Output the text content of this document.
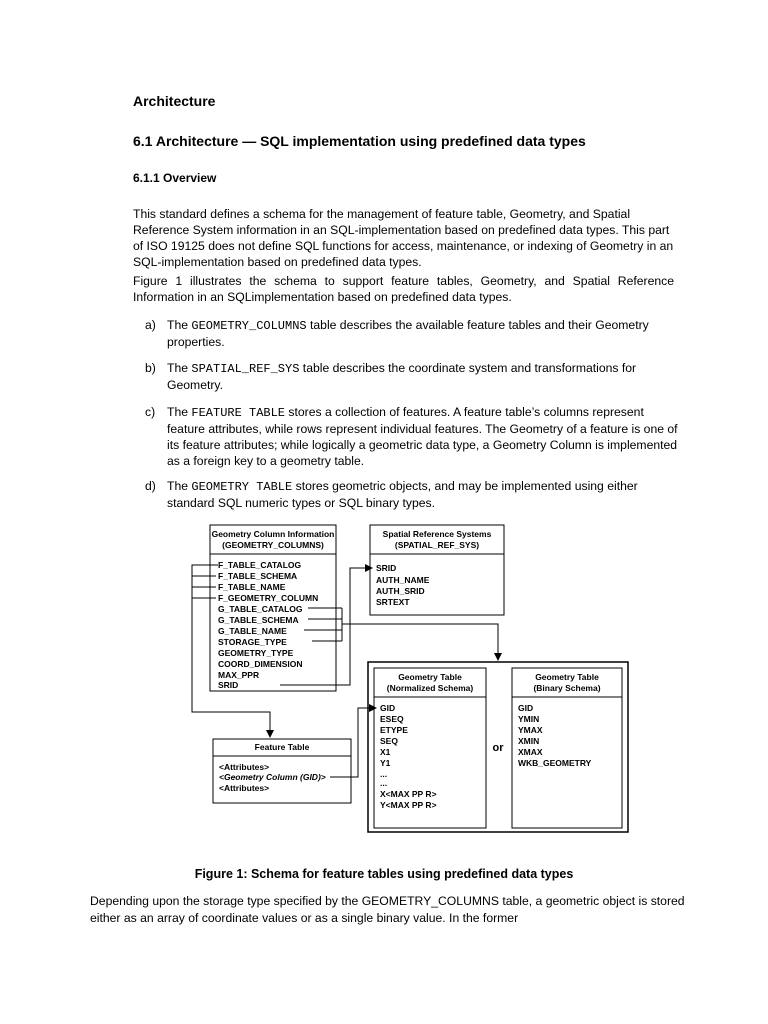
Architecture
6.1 Architecture — SQL implementation using predefined data types
6.1.1 Overview
This standard defines a schema for the management of feature table, Geometry, and Spatial Reference System information in an SQL-implementation based on predefined data types. This part of ISO 19125 does not define SQL functions for access, maintenance, or indexing of Geometry in an SQL-implementation based on predefined data types.
Figure 1 illustrates the schema to support feature tables, Geometry, and Spatial Reference Information in an SQLimplementation based on predefined data types.
a) The GEOMETRY_COLUMNS table describes the available feature tables and their Geometry properties.
b) The SPATIAL_REF_SYS table describes the coordinate system and transformations for Geometry.
c) The FEATURE TABLE stores a collection of features. A feature table’s columns represent feature attributes, while rows represent individual features. The Geometry of a feature is one of its feature attributes; while logically a geometric data type, a Geometry Column is implemented as a foreign key to a geometry table.
d) The GEOMETRY TABLE stores geometric objects, and may be implemented using either standard SQL numeric types or SQL binary types.
Geometry Column Information
(GEOMETRY_COLUMNS)
F_TABLE_CATALOG
F_TABLE_SCHEMA
F_TABLE_NAME
F_GEOMETRY_COLUMN
G_TABLE_CATALOG
G_TABLE_SCHEMA
G_TABLE_NAME
STORAGE_TYPE
GEOMETRY_TYPE
COORD_DIMENSION
MAX_PPR
SRID
Spatial Reference Systems
(SPATIAL_REF_SYS)
SRID
AUTH_NAME
AUTH_SRID
SRTEXT
Feature Table
<Attributes>
<Geometry Column (GID)>
<Attributes>
Geometry Table
(Normalized Schema)
GID
ESEQ
ETYPE
SEQ
X1
Y1
...
...
X<MAX PP R>
Y<MAX PP R>
or
Geometry Table
(Binary Schema)
GID
YMIN
YMAX
XMIN
XMAX
WKB_GEOMETRY
Figure 1: Schema for feature tables using predefined data types
Depending upon the storage type specified by the GEOMETRY_COLUMNS table, a geometric object is stored either as an array of coordinate values or as a single binary value. In the former
